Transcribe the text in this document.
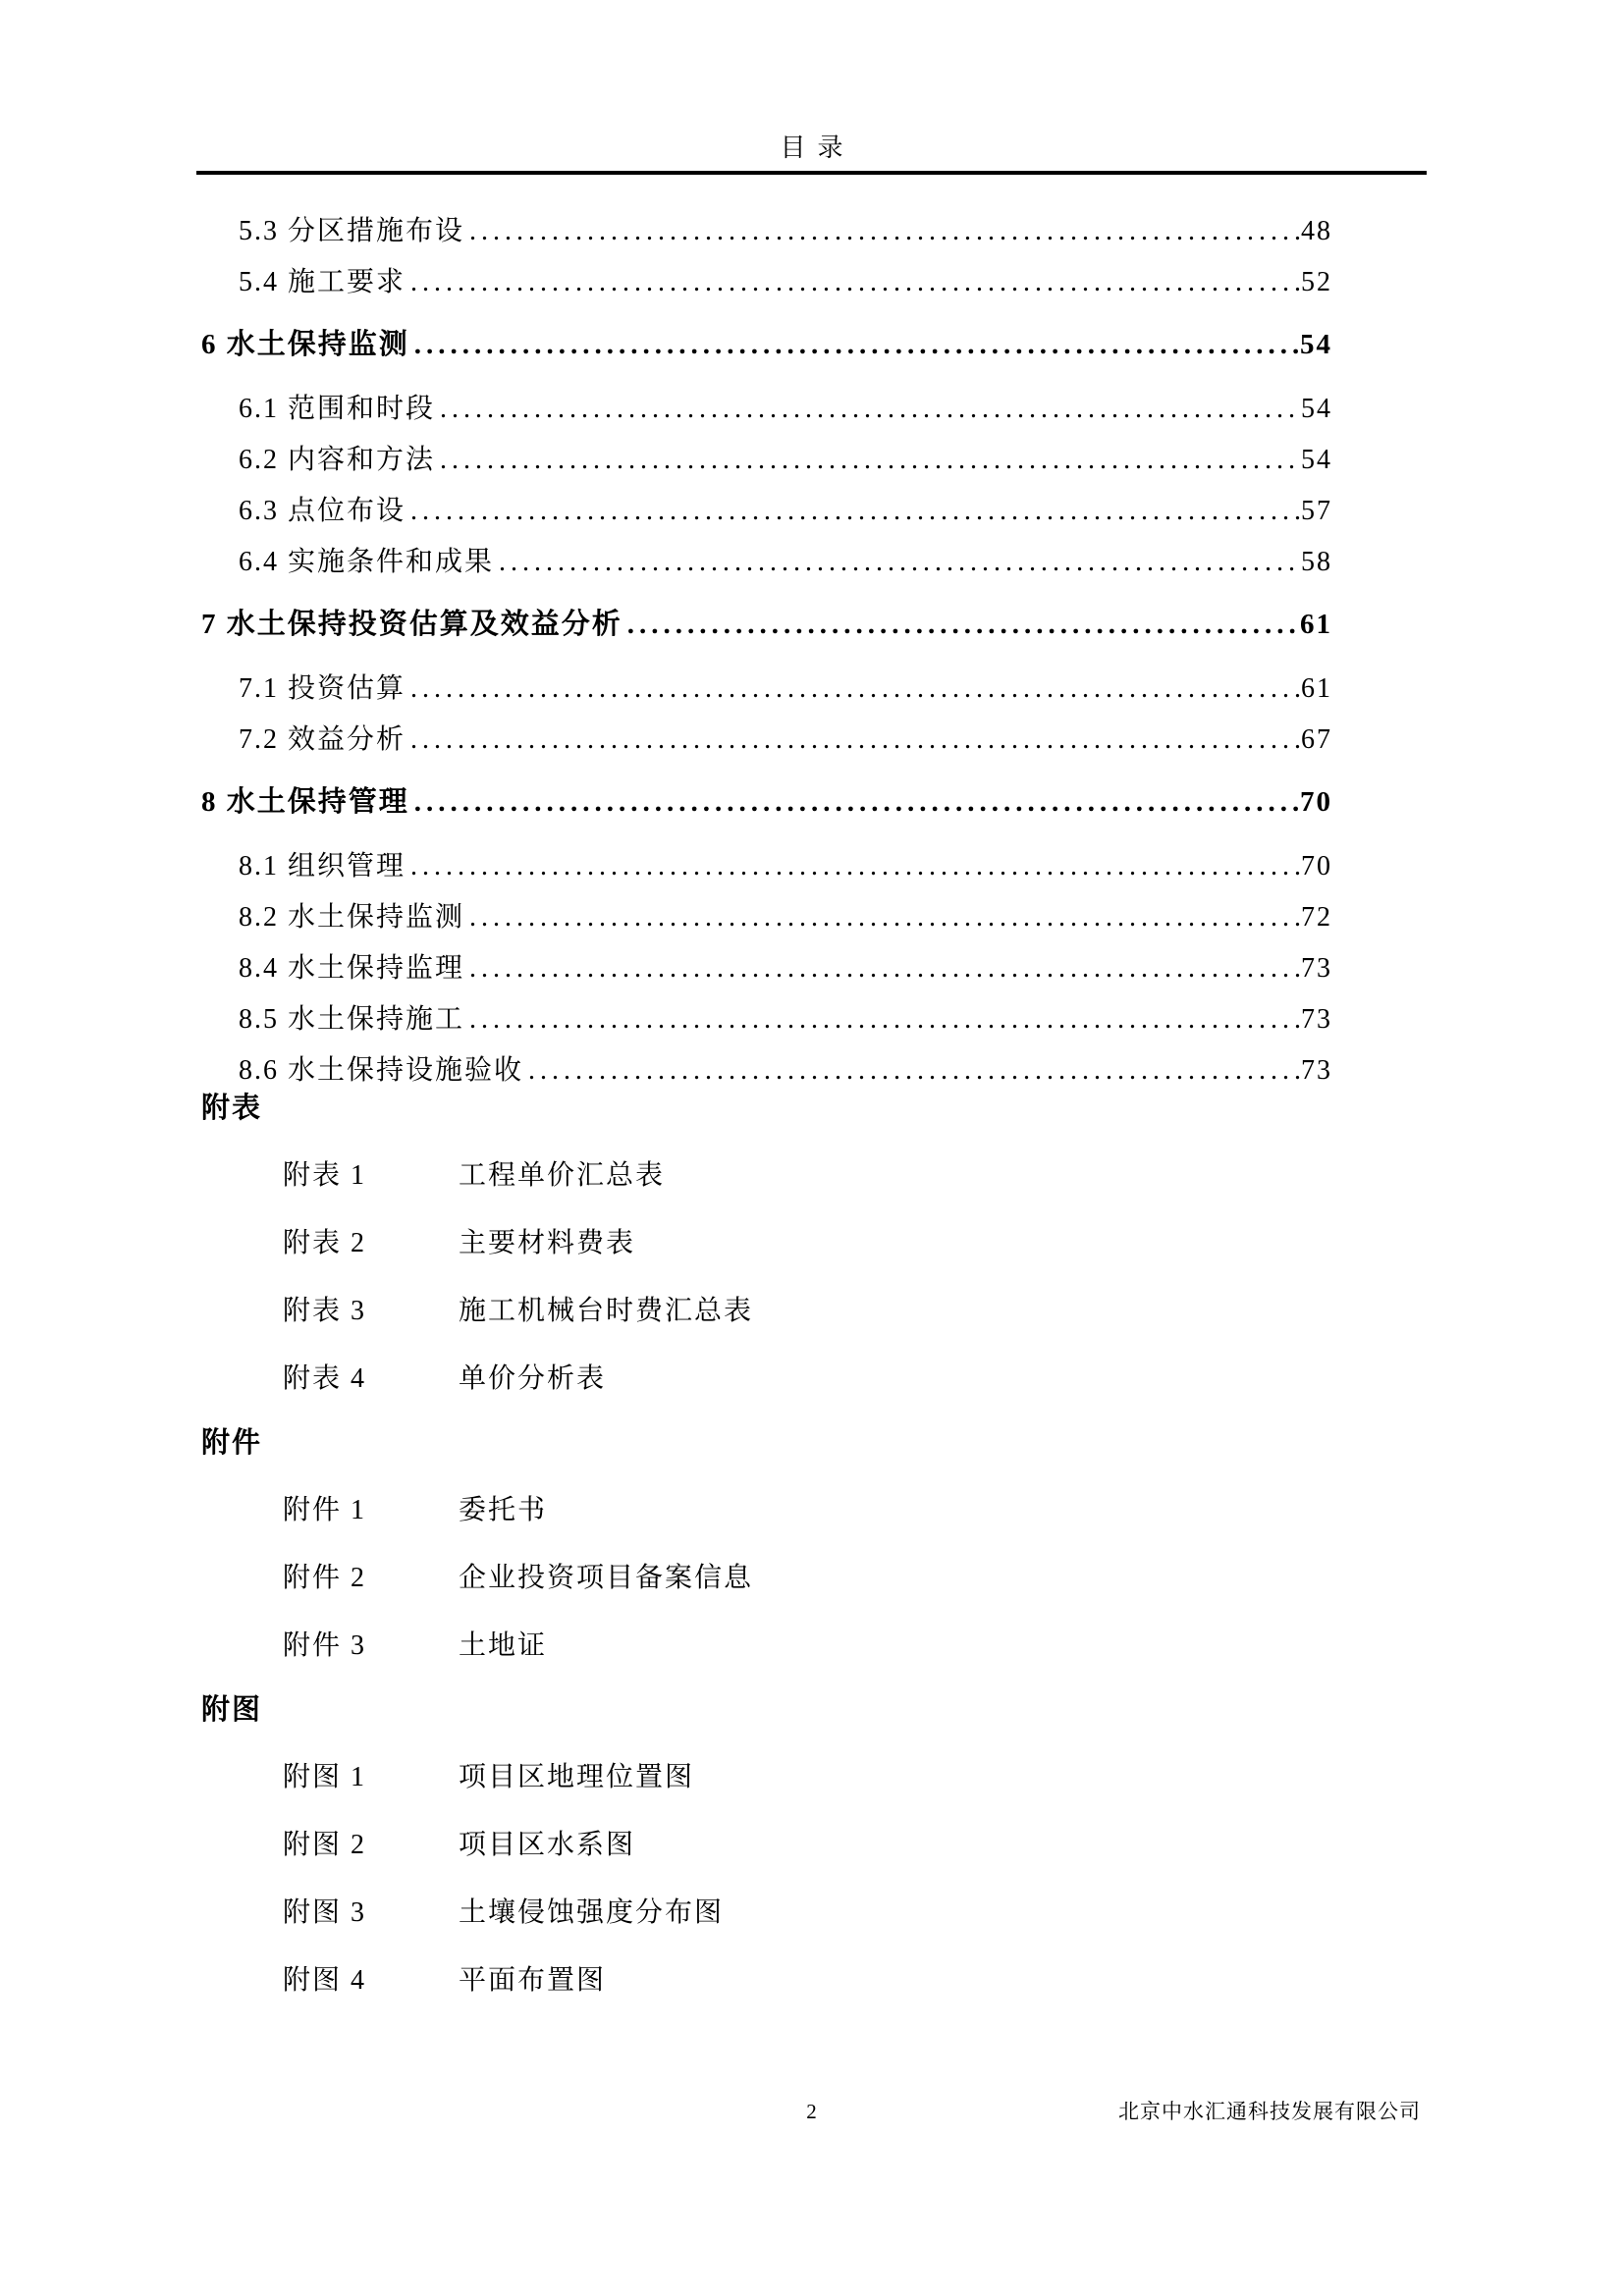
目录
5.3 分区措施布设 .....	48
5.4 施工要求 .....	52
6 水土保持监测 .....	54
6.1 范围和时段 .....	54
6.2 内容和方法 .....	54
6.3 点位布设 .....	57
6.4 实施条件和成果 .....	58
7 水土保持投资估算及效益分析 .....	61
7.1 投资估算 .....	61
7.2 效益分析 .....	67
8 水土保持管理 .....	70
8.1 组织管理 .....	70
8.2 水土保持监测 .....	72
8.4 水土保持监理 .....	73
8.5 水土保持施工 .....	73
8.6 水土保持设施验收 .....	73
附表
附表 1	工程单价汇总表
附表 2	主要材料费表
附表 3	施工机械台时费汇总表
附表 4	单价分析表
附件
附件 1	委托书
附件 2	企业投资项目备案信息
附件 3	土地证
附图
附图 1	项目区地理位置图
附图 2	项目区水系图
附图 3	土壤侵蚀强度分布图
附图 4	平面布置图
2	北京中水汇通科技发展有限公司
